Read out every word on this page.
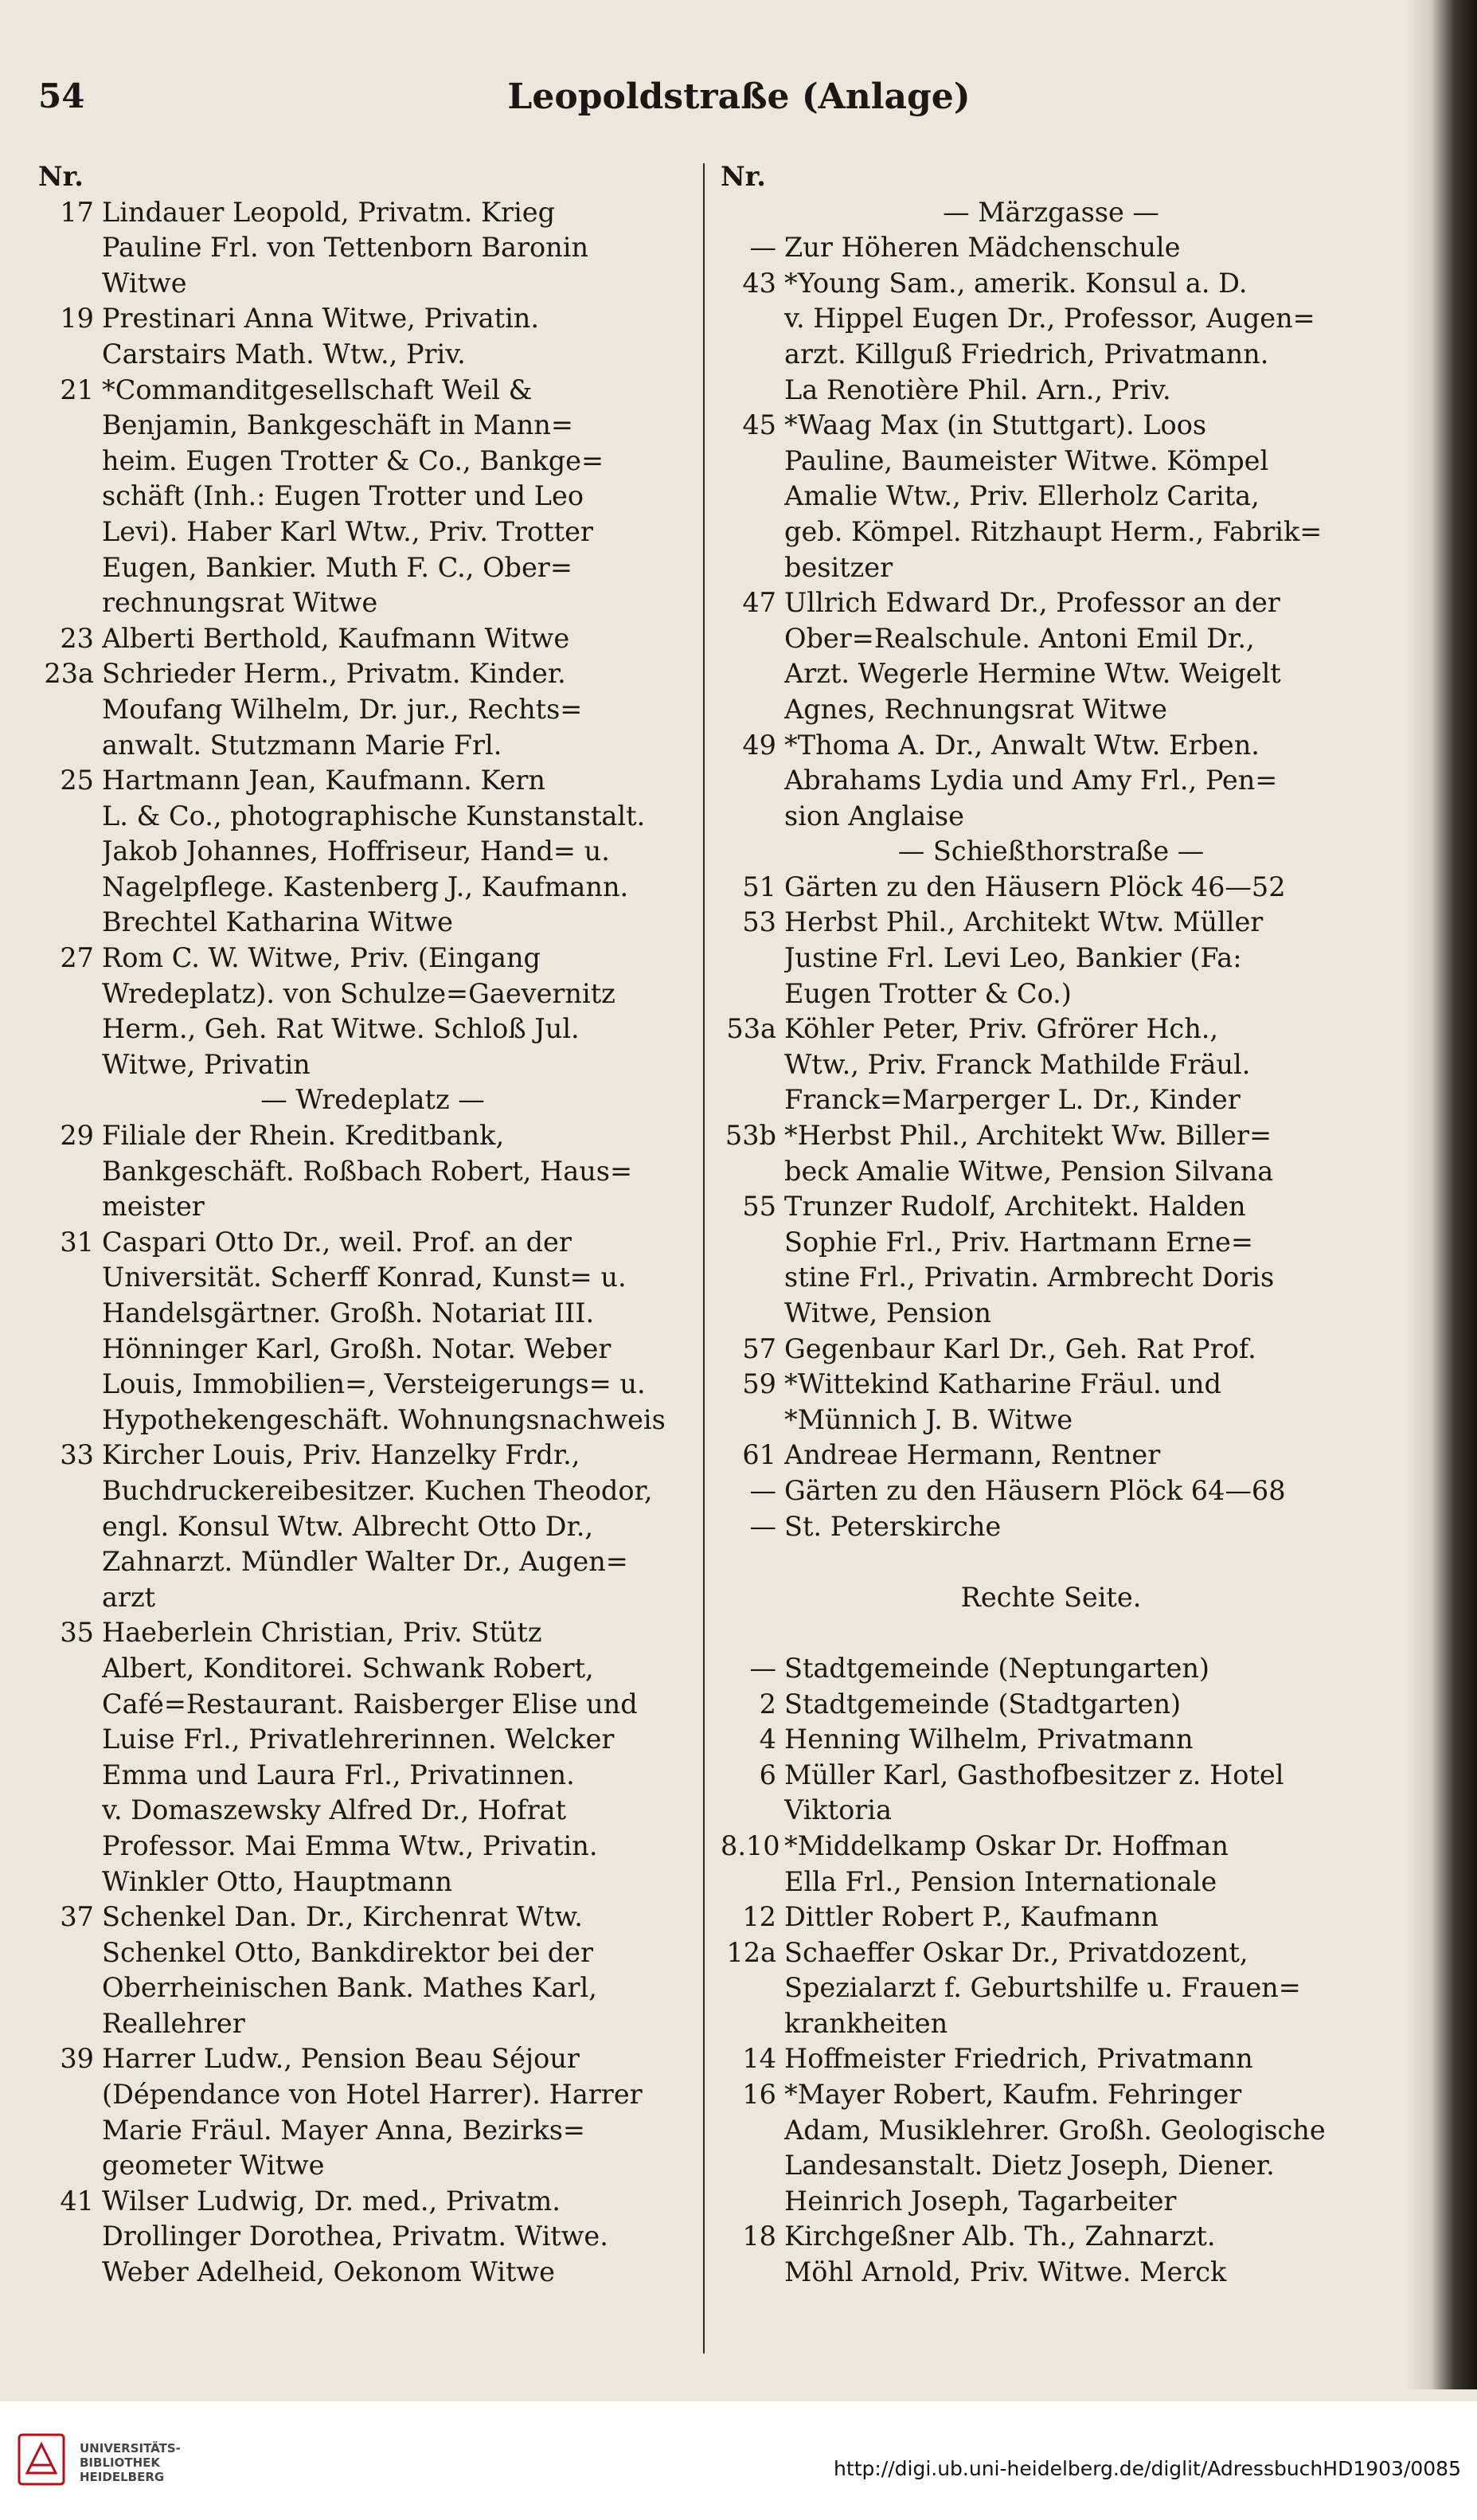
54	Leopoldstraße (Anlage)
Nr.
17 Lindauer Leopold, Privatm. Krieg
Pauline Frl. von Tettenborn Baronin
Witwe
19 Prestinari Anna Witwe, Privatin.
Carstairs Math. Wtw., Priv.
21 *Commanditgesellschaft Weil &
Benjamin, Bankgeschäft in Mann=
heim. Eugen Trotter & Co., Bankge=
schäft (Inh.: Eugen Trotter und Leo
Levi). Haber Karl Wtw., Priv. Trotter
Eugen, Bankier. Muth F. C., Ober=
rechnungsrat Witwe
23 Alberti Berthold, Kaufmann Witwe
23a Schrieder Herm., Privatm. Kinder.
Moufang Wilhelm, Dr. jur., Rechts=
anwalt. Stutzmann Marie Frl.
25 Hartmann Jean, Kaufmann. Kern
L. & Co., photographische Kunstanstalt.
Jakob Johannes, Hoffriseur, Hand= u.
Nagelpflege. Kastenberg J., Kaufmann.
Brechtel Katharina Witwe
27 Rom C. W. Witwe, Priv. (Eingang
Wredeplatz). von Schulze=Gaevernitz
Herm., Geh. Rat Witwe. Schloß Jul.
Witwe, Privatin
— Wredeplatz —
29 Filiale der Rhein. Kreditbank,
Bankgeschäft. Roßbach Robert, Haus=
meister
31 Caspari Otto Dr., weil. Prof. an der
Universität. Scherff Konrad, Kunst= u.
Handelsgärtner. Großh. Notariat III.
Hönninger Karl, Großh. Notar. Weber
Louis, Immobilien=, Versteigerungs= u.
Hypothekengeschäft. Wohnungsnachweis
33 Kircher Louis, Priv. Hanzelky Frdr.,
Buchdruckereibesitzer. Kuchen Theodor,
engl. Konsul Wtw. Albrecht Otto Dr.,
Zahnarzt. Mündler Walter Dr., Augen=
arzt
35 Haeberlein Christian, Priv. Stütz
Albert, Konditorei. Schwank Robert,
Café=Restaurant. Raisberger Elise und
Luise Frl., Privatlehrerinnen. Welcker
Emma und Laura Frl., Privatinnen.
v. Domaszewsky Alfred Dr., Hofrat
Professor. Mai Emma Wtw., Privatin.
Winkler Otto, Hauptmann
37 Schenkel Dan. Dr., Kirchenrat Wtw.
Schenkel Otto, Bankdirektor bei der
Oberrheinischen Bank. Mathes Karl,
Reallehrer
39 Harrer Ludw., Pension Beau Séjour
(Dépendance von Hotel Harrer). Harrer
Marie Fräul. Mayer Anna, Bezirks=
geometer Witwe
41 Wilser Ludwig, Dr. med., Privatm.
Drollinger Dorothea, Privatm. Witwe.
Weber Adelheid, Oekonom Witwe
Nr.
— Märzgasse —
— Zur Höheren Mädchenschule
43 *Young Sam., amerik. Konsul a. D.
v. Hippel Eugen Dr., Professor, Augen=
arzt. Killguß Friedrich, Privatmann.
La Renotière Phil. Arn., Priv.
45 *Waag Max (in Stuttgart). Loos
Pauline, Baumeister Witwe. Kömpel
Amalie Wtw., Priv. Ellerholz Carita,
geb. Kömpel. Ritzhaupt Herm., Fabrik=
besitzer
47 Ullrich Edward Dr., Professor an der
Ober=Realschule. Antoni Emil Dr.,
Arzt. Wegerle Hermine Wtw. Weigelt
Agnes, Rechnungsrat Witwe
49 *Thoma A. Dr., Anwalt Wtw. Erben.
Abrahams Lydia und Amy Frl., Pen=
sion Anglaise
— Schießthorstraße —
51 Gärten zu den Häusern Plöck 46—52
53 Herbst Phil., Architekt Wtw. Müller
Justine Frl. Levi Leo, Bankier (Fa:
Eugen Trotter & Co.)
53a Köhler Peter, Priv. Gfrörer Hch.,
Wtw., Priv. Franck Mathilde Fräul.
Franck=Marperger L. Dr., Kinder
53b *Herbst Phil., Architekt Ww. Biller=
beck Amalie Witwe, Pension Silvana
55 Trunzer Rudolf, Architekt. Halden
Sophie Frl., Priv. Hartmann Erne=
stine Frl., Privatin. Armbrecht Doris
Witwe, Pension
57 Gegenbaur Karl Dr., Geh. Rat Prof.
59 *Wittekind Katharine Fräul. und
*Münnich J. B. Witwe
61 Andreae Hermann, Rentner
— Gärten zu den Häusern Plöck 64—68
— St. Peterskirche
Rechte Seite.
— Stadtgemeinde (Neptungarten)
2 Stadtgemeinde (Stadtgarten)
4 Henning Wilhelm, Privatmann
6 Müller Karl, Gasthofbesitzer z. Hotel
Viktoria
8.10 *Middelkamp Oskar Dr. Hoffman
Ella Frl., Pension Internationale
12 Dittler Robert P., Kaufmann
12a Schaeffer Oskar Dr., Privatdozent,
Spezialarzt f. Geburtshilfe u. Frauen=
krankheiten
14 Hoffmeister Friedrich, Privatmann
16 *Mayer Robert, Kaufm. Fehringer
Adam, Musiklehrer. Großh. Geologische
Landesanstalt. Dietz Joseph, Diener.
Heinrich Joseph, Tagarbeiter
18 Kirchgeßner Alb. Th., Zahnarzt.
Möhl Arnold, Priv. Witwe. Merck
UNIVERSITÄTS-
BIBLIOTHEK
HEIDELBERG	http://digi.ub.uni-heidelberg.de/diglit/AdressbuchHD1903/0085
